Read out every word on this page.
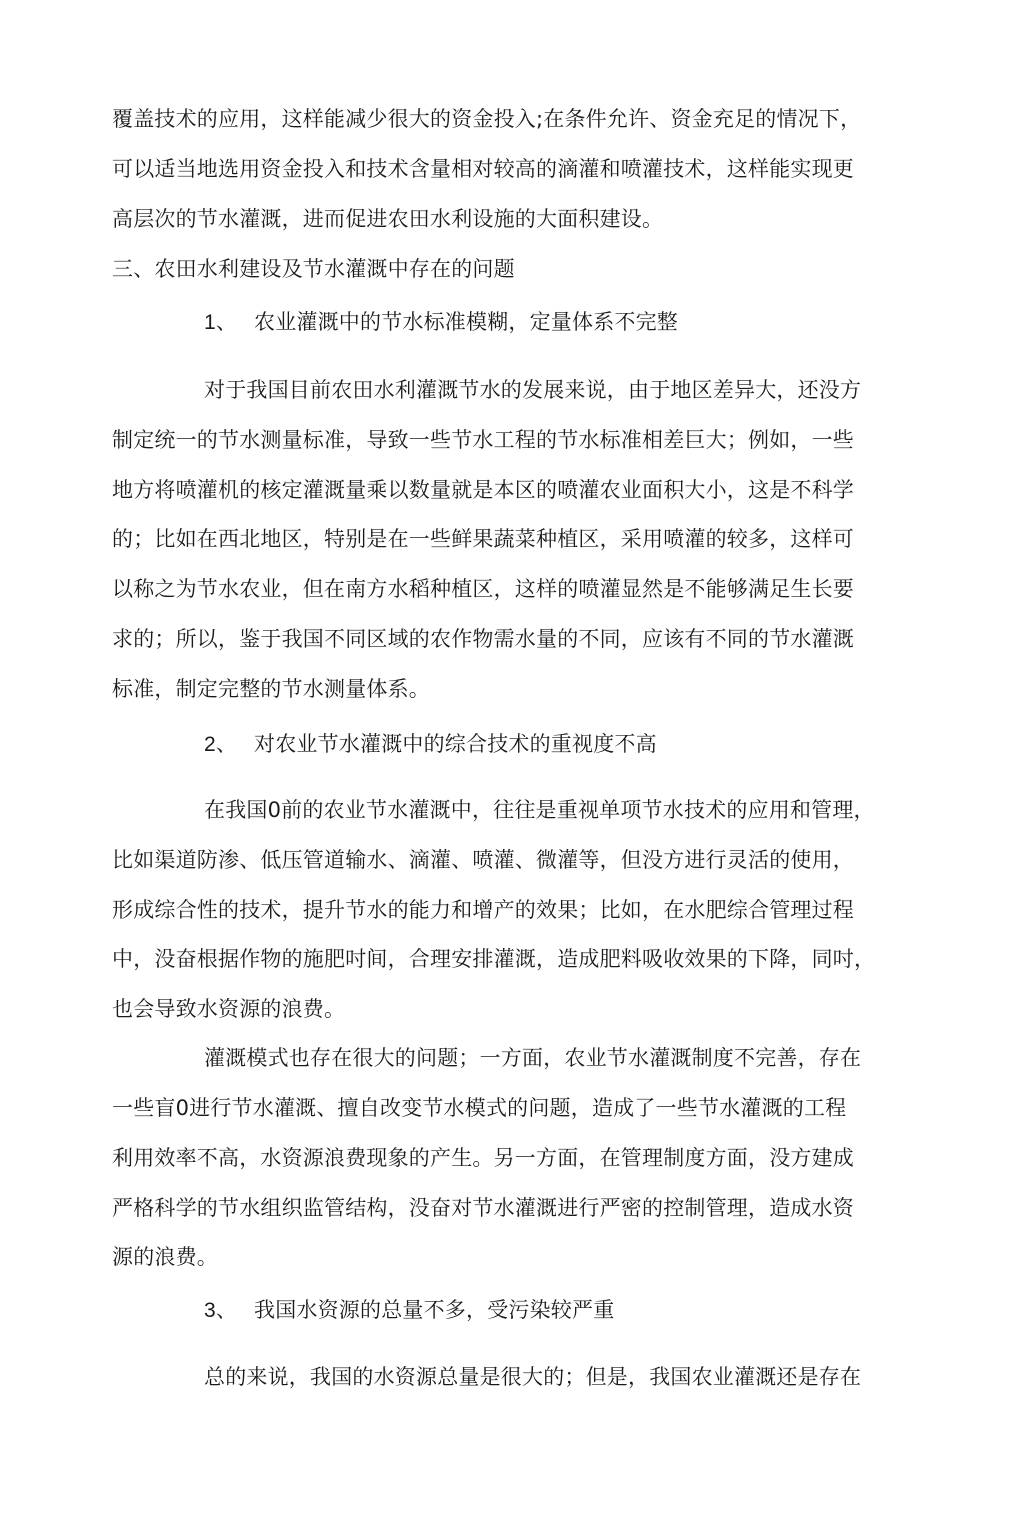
覆盖技术的应用，这样能减少很大的资金投入;在条件允许、资金充足的情况下，
可以适当地选用资金投入和技术含量相对较高的滴灌和喷灌技术，这样能实现更
高层次的节水灌溉，进而促进农田水利设施的大面积建设。
三、农田水利建设及节水灌溉中存在的问题
1、 农业灌溉中的节水标准模糊，定量体系不完整
对于我国目前农田水利灌溉节水的发展来说，由于地区差异大，还没方
制定统一的节水测量标准，导致一些节水工程的节水标准相差巨大；例如，一些
地方将喷灌机的核定灌溉量乘以数量就是本区的喷灌农业面积大小，这是不科学
的；比如在西北地区，特别是在一些鲜果蔬菜种植区，采用喷灌的较多，这样可
以称之为节水农业，但在南方水稻种植区，这样的喷灌显然是不能够满足生长要
求的；所以，鉴于我国不同区域的农作物需水量的不同，应该有不同的节水灌溉
标准，制定完整的节水测量体系。
2、 对农业节水灌溉中的综合技术的重视度不高
在我国0前的农业节水灌溉中，往往是重视单项节水技术的应用和管理，
比如渠道防渗、低压管道输水、滴灌、喷灌、微灌等，但没方进行灵活的使用，
形成综合性的技术，提升节水的能力和增产的效果；比如，在水肥综合管理过程
中，没奋根据作物的施肥吋间，合理安排灌溉，造成肥料吸收效果的下降，同吋，
也会导致水资源的浪费。
灌溉模式也存在很大的问题；一方面，农业节水灌溉制度不完善，存在
一些盲0进行节水灌溉、擅自改变节水模式的问题，造成了一些节水灌溉的工程
利用效率不高，水资源浪费现象的产生。另一方面，在管理制度方面，没方建成
严格科学的节水组织监管结构，没奋对节水灌溉进行严密的控制管理，造成水资
源的浪费。
3、 我国水资源的总量不多，受污染较严重
总的来说，我国的水资源总量是很大的；但是，我国农业灌溉还是存在
